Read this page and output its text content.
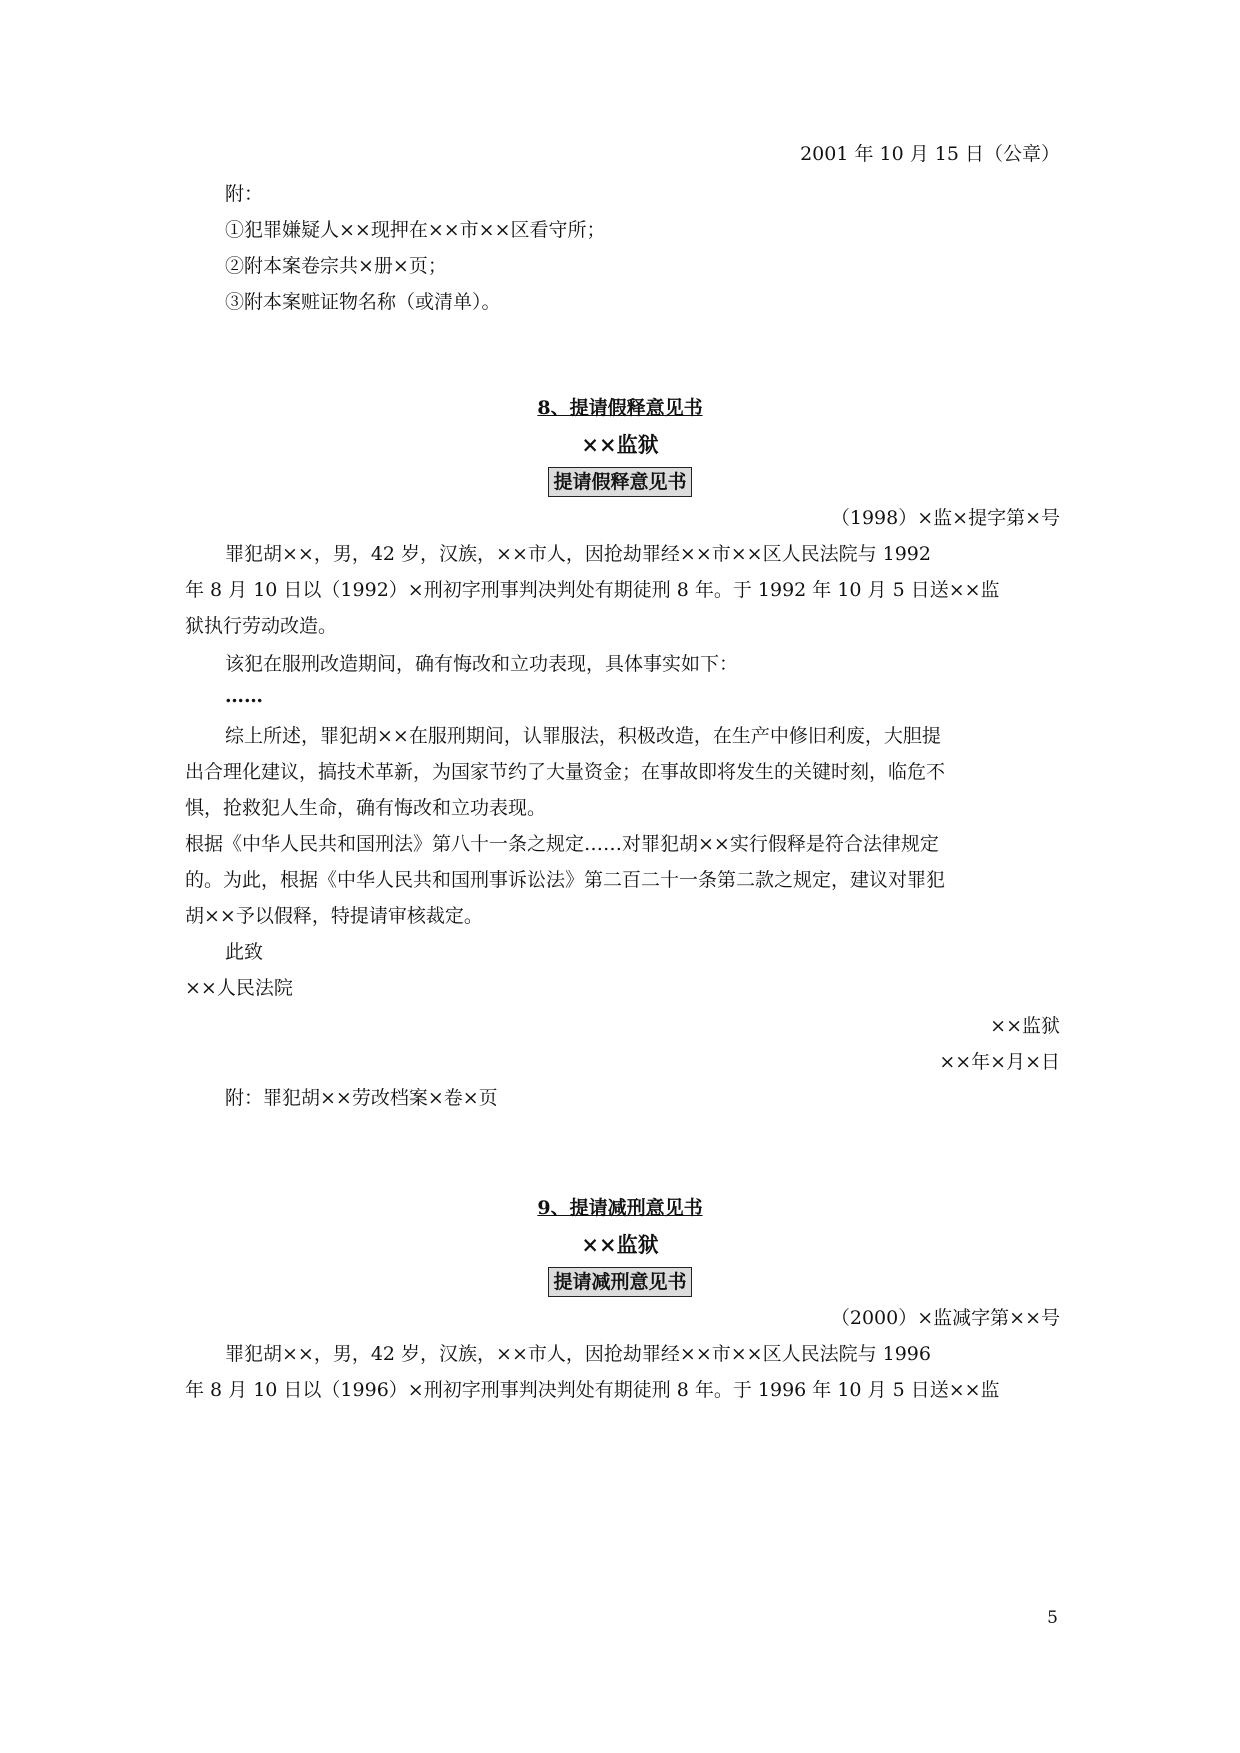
2001 年 10 月 15 日（公章）
附：
①犯罪嫌疑人××现押在××市××区看守所；
②附本案卷宗共×册×页；
③附本案赃证物名称（或清单）。
8、提请假释意见书
××监狱
提请假释意见书
（1998）×监×提字第×号
罪犯胡××，男，42 岁，汉族，××市人，因抢劫罪经××市××区人民法院与 1992
年 8 月 10 日以（1992）×刑初字刑事判决判处有期徒刑 8 年。于 1992 年 10 月 5 日送××监
狱执行劳动改造。
该犯在服刑改造期间，确有悔改和立功表现，具体事实如下：
……
综上所述，罪犯胡××在服刑期间，认罪服法，积极改造，在生产中修旧利废，大胆提
出合理化建议，搞技术革新，为国家节约了大量资金；在事故即将发生的关键时刻，临危不
惧，抢救犯人生命，确有悔改和立功表现。
根据《中华人民共和国刑法》第八十一条之规定……对罪犯胡××实行假释是符合法律规定
的。为此，根据《中华人民共和国刑事诉讼法》第二百二十一条第二款之规定，建议对罪犯
胡××予以假释，特提请审核裁定。
此致
××人民法院
××监狱
××年×月×日
附：罪犯胡××劳改档案×卷×页
9、提请减刑意见书
××监狱
提请减刑意见书
（2000）×监减字第××号
罪犯胡××，男，42 岁，汉族，××市人，因抢劫罪经××市××区人民法院与 1996
年 8 月 10 日以（1996）×刑初字刑事判决判处有期徒刑 8 年。于 1996 年 10 月 5 日送××监
5
